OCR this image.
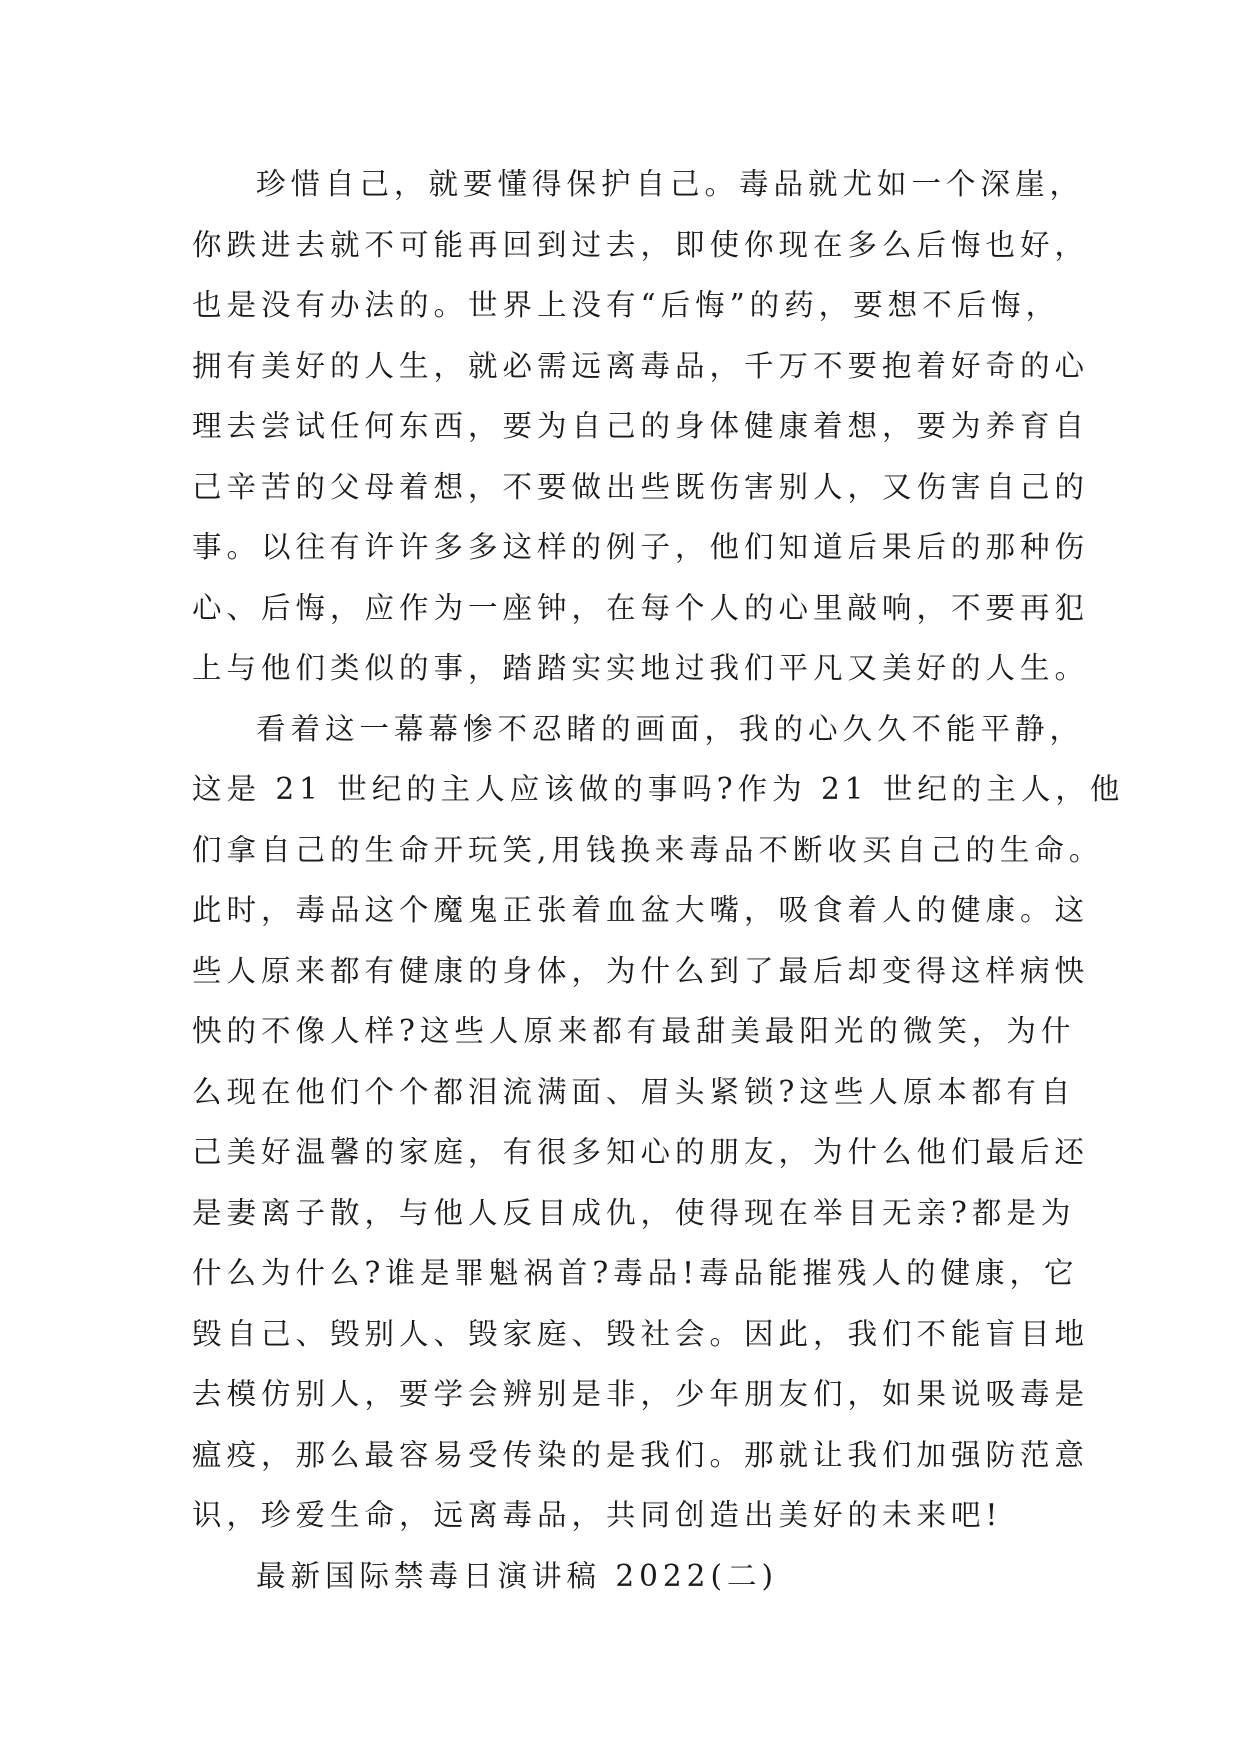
珍惜自己，就要懂得保护自己。毒品就尤如一个深崖，
你跌进去就不可能再回到过去，即使你现在多么后悔也好，
也是没有办法的。世界上没有“后悔”的药，要想不后悔，
拥有美好的人生，就必需远离毒品，千万不要抱着好奇的心
理去尝试任何东西，要为自己的身体健康着想，要为养育自
己辛苦的父母着想，不要做出些既伤害别人，又伤害自己的
事。以往有许许多多这样的例子，他们知道后果后的那种伤
心、后悔，应作为一座钟，在每个人的心里敲响，不要再犯
上与他们类似的事，踏踏实实地过我们平凡又美好的人生。
看着这一幕幕惨不忍睹的画面，我的心久久不能平静，
这是 21 世纪的主人应该做的事吗?作为 21 世纪的主人，他
们拿自己的生命开玩笑,用钱换来毒品不断收买自己的生命。
此时，毒品这个魔鬼正张着血盆大嘴，吸食着人的健康。这
些人原来都有健康的身体，为什么到了最后却变得这样病怏
怏的不像人样?这些人原来都有最甜美最阳光的微笑，为什
么现在他们个个都泪流满面、眉头紧锁?这些人原本都有自
己美好温馨的家庭，有很多知心的朋友，为什么他们最后还
是妻离子散，与他人反目成仇，使得现在举目无亲?都是为
什么为什么?谁是罪魁祸首?毒品!毒品能摧残人的健康，它
毁自己、毁别人、毁家庭、毁社会。因此，我们不能盲目地
去模仿别人，要学会辨别是非，少年朋友们，如果说吸毒是
瘟疫，那么最容易受传染的是我们。那就让我们加强防范意
识，珍爱生命，远离毒品，共同创造出美好的未来吧!
最新国际禁毒日演讲稿 2022(二)
